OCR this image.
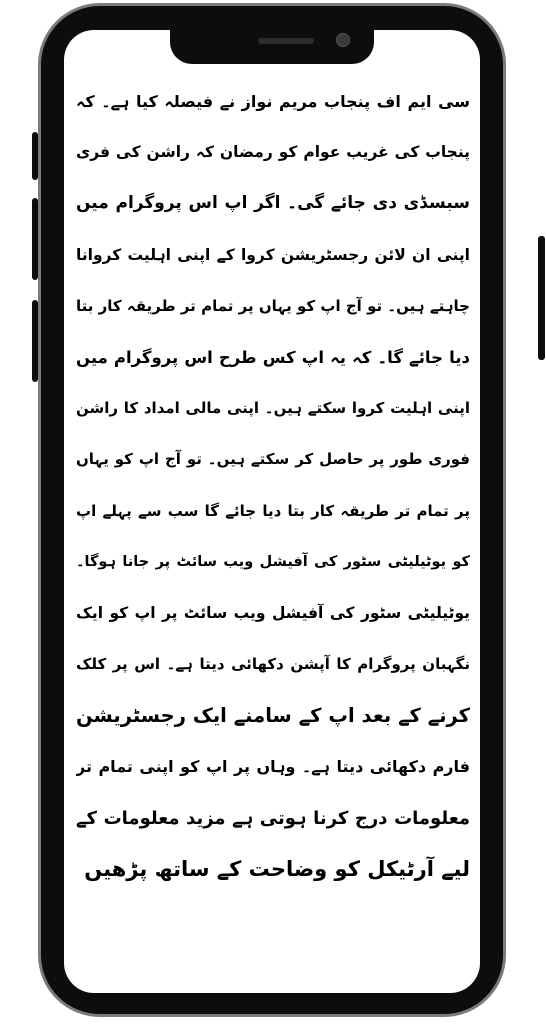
سی ایم اف پنجاب مریم نواز نے فیصلہ کیا ہے۔ کہ
پنجاب کی غریب عوام کو رمضان کہ راشن کی فری
سبسڈی دی جائے گی۔ اگر اپ اس پروگرام میں
اپنی ان لائن رجسٹریشن کروا کے اپنی اہلیت کروانا
چاہتے ہیں۔ تو آج اپ کو یہاں پر تمام تر طریقہ کار بتا
دیا جائے گا۔ کہ یہ اپ کس طرح اس پروگرام میں
اپنی اہلیت کروا سکتے ہیں۔ اپنی مالی امداد کا راشن
فوری طور پر حاصل کر سکتے ہیں۔ تو آج اپ کو یہاں
پر تمام تر طریقہ کار بتا دیا جائے گا سب سے پہلے اپ
کو یوٹیلیٹی سٹور کی آفیشل ویب سائٹ پر جانا ہوگا۔
یوٹیلیٹی سٹور کی آفیشل ویب سائٹ پر اپ کو ایک
نگہبان پروگرام کا آپشن دکھائی دیتا ہے۔ اس پر کلک
کرنے کے بعد اپ کے سامنے ایک رجسٹریشن
فارم دکھائی دیتا ہے۔ وہاں پر اپ کو اپنی تمام تر
معلومات درج کرنا ہوتی ہے مزید معلومات کے
لیے آرٹیکل کو وضاحت کے ساتھ پڑھیں
